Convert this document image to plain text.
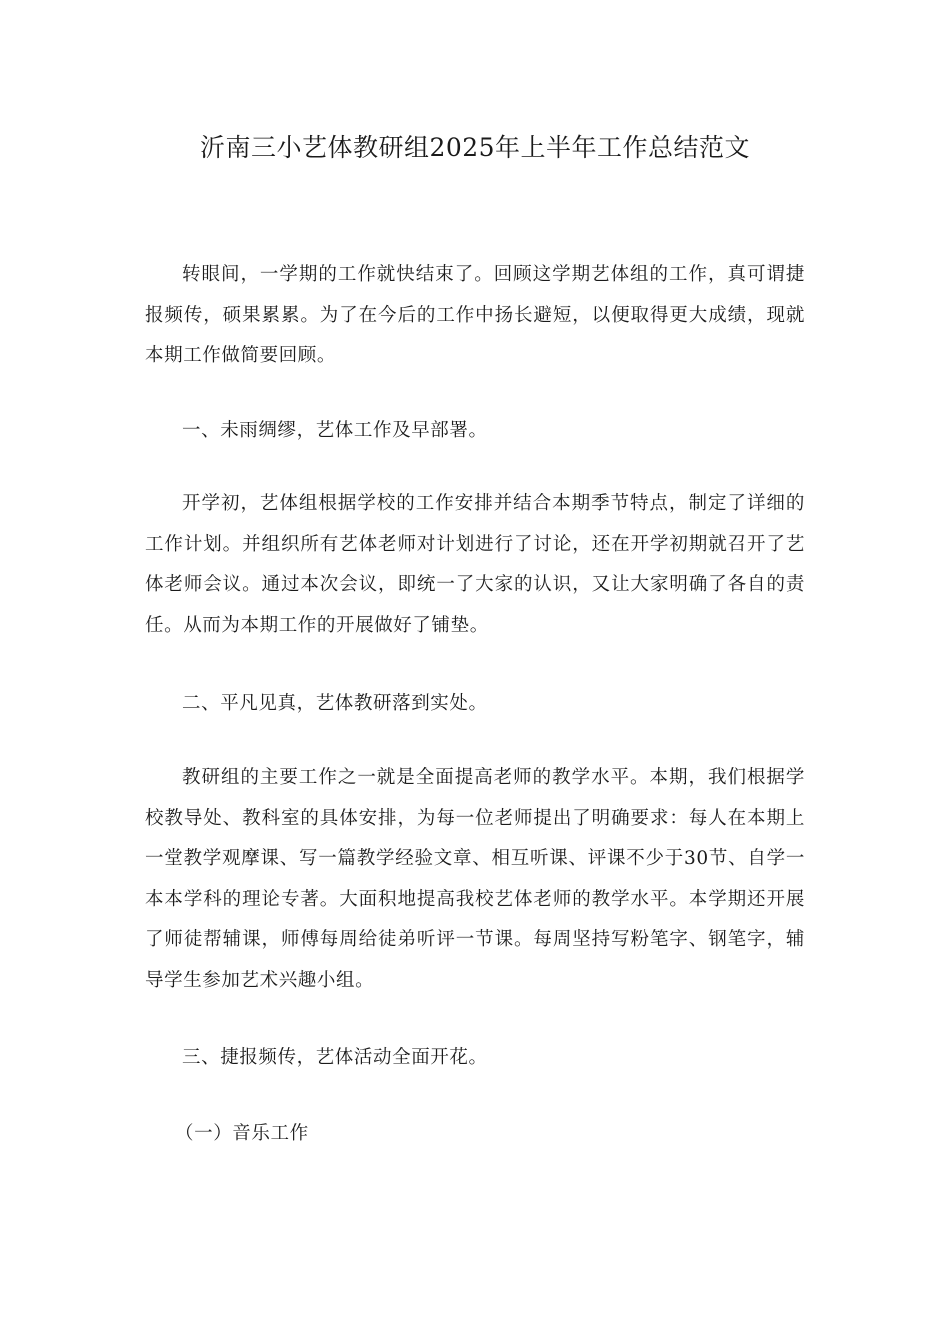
沂南三小艺体教研组2025年上半年工作总结范文

转眼间，一学期的工作就快结束了。回顾这学期艺体组的工作，真可谓捷报频传，硕果累累。为了在今后的工作中扬长避短，以便取得更大成绩，现就本期工作做简要回顾。

一、未雨绸缪，艺体工作及早部署。

开学初，艺体组根据学校的工作安排并结合本期季节特点，制定了详细的工作计划。并组织所有艺体老师对计划进行了讨论，还在开学初期就召开了艺体老师会议。通过本次会议，即统一了大家的认识，又让大家明确了各自的责任。从而为本期工作的开展做好了铺垫。

二、平凡见真，艺体教研落到实处。

教研组的主要工作之一就是全面提高老师的教学水平。本期，我们根据学校教导处、教科室的具体安排，为每一位老师提出了明确要求：每人在本期上一堂教学观摩课、写一篇教学经验文章、相互听课、评课不少于30节、自学一本本学科的理论专著。大面积地提高我校艺体老师的教学水平。本学期还开展了师徒帮辅课，师傅每周给徒弟听评一节课。每周坚持写粉笔字、钢笔字，辅导学生参加艺术兴趣小组。

三、捷报频传，艺体活动全面开花。

（一）音乐工作
